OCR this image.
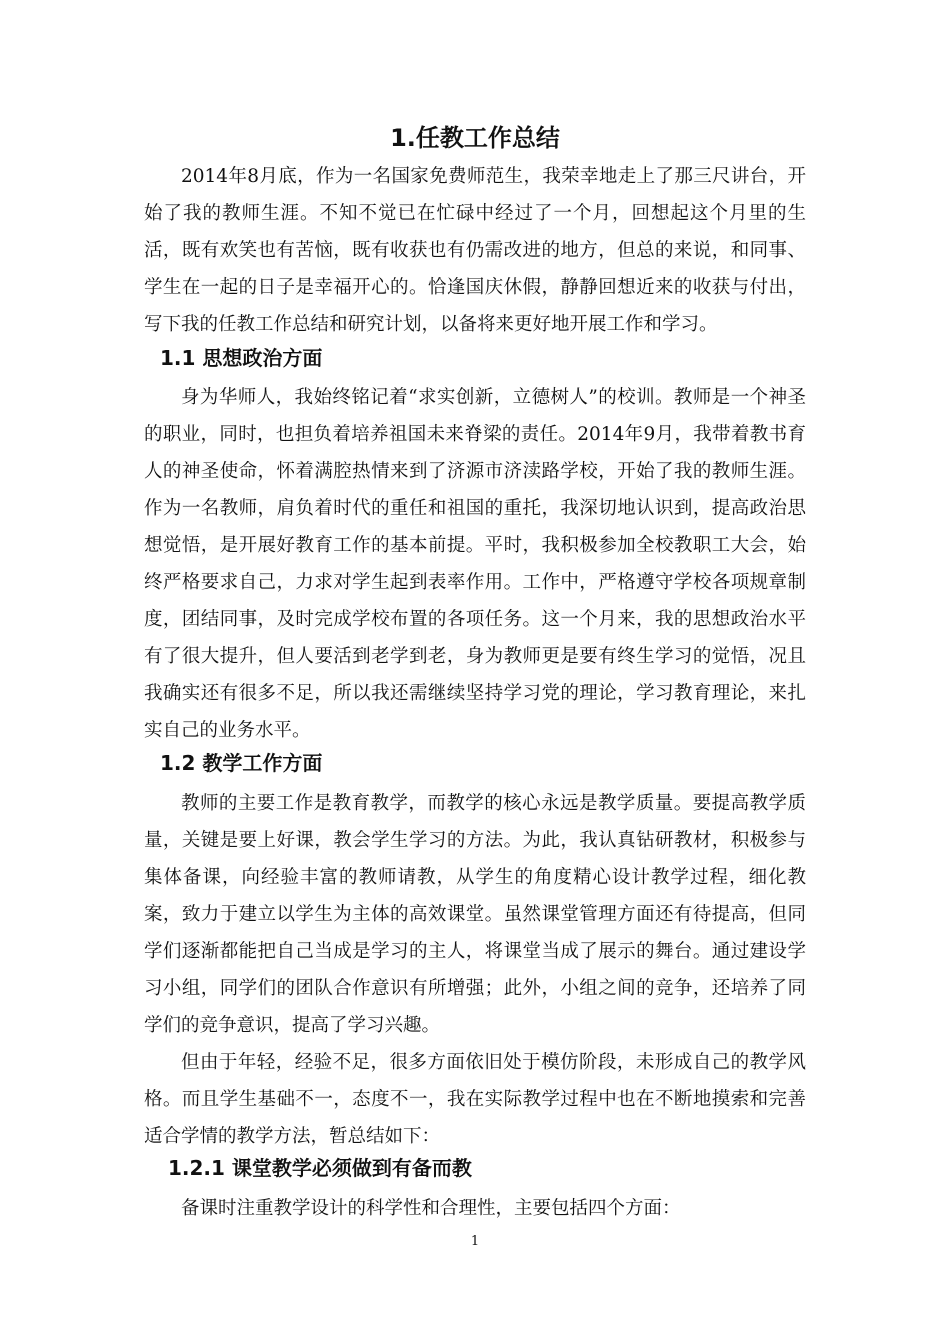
1.任教工作总结

2014年8月底，作为一名国家免费师范生，我荣幸地走上了那三尺讲台，开始了我的教师生涯。不知不觉已在忙碌中经过了一个月，回想起这个月里的生活，既有欢笑也有苦恼，既有收获也有仍需改进的地方，但总的来说，和同事、学生在一起的日子是幸福开心的。恰逢国庆休假，静静回想近来的收获与付出，写下我的任教工作总结和研究计划，以备将来更好地开展工作和学习。

1.1 思想政治方面

身为华师人，我始终铭记着“求实创新，立德树人”的校训。教师是一个神圣的职业，同时，也担负着培养祖国未来脊梁的责任。2014年9月，我带着教书育人的神圣使命，怀着满腔热情来到了济源市济渎路学校，开始了我的教师生涯。作为一名教师，肩负着时代的重任和祖国的重托，我深切地认识到，提高政治思想觉悟，是开展好教育工作的基本前提。平时，我积极参加全校教职工大会，始终严格要求自己，力求对学生起到表率作用。工作中，严格遵守学校各项规章制度，团结同事，及时完成学校布置的各项任务。这一个月来，我的思想政治水平有了很大提升，但人要活到老学到老，身为教师更是要有终生学习的觉悟，况且我确实还有很多不足，所以我还需继续坚持学习党的理论，学习教育理论，来扎实自己的业务水平。

1.2 教学工作方面

教师的主要工作是教育教学，而教学的核心永远是教学质量。要提高教学质量，关键是要上好课，教会学生学习的方法。为此，我认真钻研教材，积极参与集体备课，向经验丰富的教师请教，从学生的角度精心设计教学过程，细化教案，致力于建立以学生为主体的高效课堂。虽然课堂管理方面还有待提高，但同学们逐渐都能把自己当成是学习的主人，将课堂当成了展示的舞台。通过建设学习小组，同学们的团队合作意识有所增强；此外，小组之间的竞争，还培养了同学们的竞争意识，提高了学习兴趣。

但由于年轻，经验不足，很多方面依旧处于模仿阶段，未形成自己的教学风格。而且学生基础不一，态度不一，我在实际教学过程中也在不断地摸索和完善适合学情的教学方法，暂总结如下：

1.2.1 课堂教学必须做到有备而教

备课时注重教学设计的科学性和合理性，主要包括四个方面：

1
